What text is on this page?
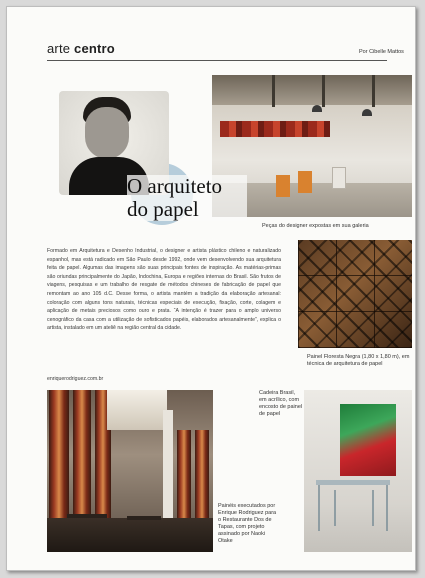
arte centro	Por Cibelle Mattos
Peças do designer expostas em sua galeria
O arquiteto
do papel
Formado em Arquitetura e Desenho Industrial, o designer e artista plástico chileno e naturalizado espanhol, mas está radicado em São Paulo desde 1992, onde vem desenvolvendo sua arquitetura feita de papel. Algumas das imagens são suas principais fontes de inspiração. As matérias-primas são oriundas principalmente do Japão, Indochina, Europa e regiões internas do Brasil. São frutos de viagens, pesquisas e um trabalho de resgate de métodos chineses de fabricação de papel que remontam ao ano 105 d.C. Desse forma, o artista mantém a tradição da elaboração artesanal: coloração com alguns tons naturais, técnicas especiais de execução, fixação, corte, colagem e aplicação de metais preciosos como ouro e prata. “A intenção é trazer para o amplo universo cenográfico da casa com a utilização de sofisticados papéis, elaborados artesanalmente”, explica o artista, instalado em um ateliê na região central da cidade.
enriquerodriguez.com.br
Painel Floresta Negra (1,80 x 1,80 m), em técnica de arquitetura de papel
Painéis executados por Enrique Rodriguez para o Restaurante Dos de Tapas, com projeto assinado por Naoki Otake
Cadeira Brasil, em acrílico, com encosto de painel de papel
